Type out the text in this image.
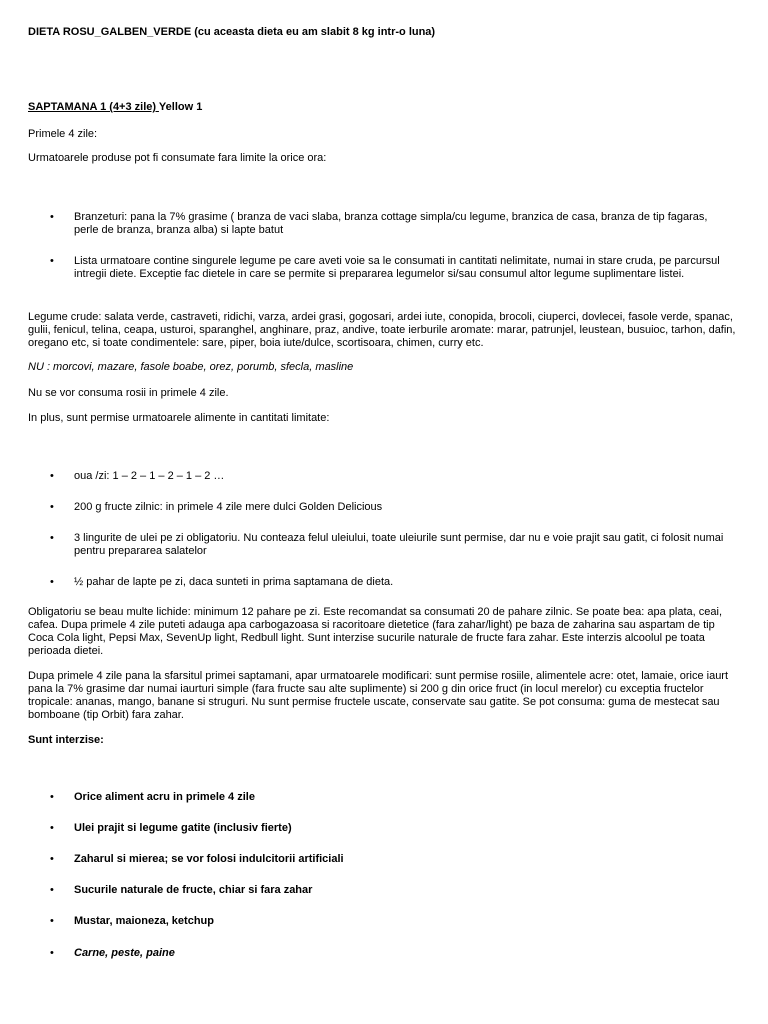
DIETA ROSU_GALBEN_VERDE (cu aceasta dieta eu am slabit 8 kg intr-o luna)

SAPTAMANA 1 (4+3 zile) Yellow 1

Primele 4 zile:

Urmatoarele produse pot fi consumate fara limite la orice ora:

•	Branzeturi: pana la 7% grasime ( branza de vaci slaba, branza cottage simpla/cu legume, branzica de casa, branza de tip fagaras, perle de branza, branza alba) si lapte batut

•	Lista urmatoare contine singurele legume pe care aveti voie sa le consumati in cantitati nelimitate, numai in stare cruda, pe parcursul intregii diete. Exceptie fac dietele in care se permite si prepararea legumelor si/sau consumul altor legume suplimentare listei.

Legume crude: salata verde, castraveti, ridichi, varza, ardei grasi, gogosari, ardei iute, conopida, brocoli, ciuperci, dovlecei, fasole verde, spanac, gulii, fenicul, telina, ceapa, usturoi, sparanghel, anghinare, praz, andive, toate ierburile aromate: marar, patrunjel, leustean, busuioc, tarhon, dafin, oregano etc, si toate condimentele: sare, piper, boia iute/dulce, scortisoara, chimen, curry etc.

NU : morcovi, mazare, fasole boabe, orez, porumb, sfecla, masline

Nu se vor consuma rosii in primele 4 zile.

In plus, sunt permise urmatoarele alimente in cantitati limitate:

•	oua /zi: 1 – 2 – 1 – 2 – 1 – 2 …

•	200 g fructe zilnic: in primele 4 zile mere dulci Golden Delicious

•	3 lingurite de ulei pe zi obligatoriu. Nu conteaza felul uleiului, toate uleiurile sunt permise, dar nu e voie prajit sau gatit, ci folosit numai pentru prepararea salatelor

•	½ pahar de lapte pe zi, daca sunteti in prima saptamana de dieta.

Obligatoriu se beau multe lichide: minimum 12 pahare pe zi. Este recomandat sa consumati 20 de pahare zilnic. Se poate bea: apa plata, ceai, cafea. Dupa primele 4 zile puteti adauga apa carbogazoasa si racoritoare dietetice (fara zahar/light) pe baza de zaharina sau aspartam de tip Coca Cola light, Pepsi Max, SevenUp light, Redbull light. Sunt interzise sucurile naturale de fructe fara zahar. Este interzis alcoolul pe toata perioada dietei.

Dupa primele 4 zile pana la sfarsitul primei saptamani, apar urmatoarele modificari: sunt permise rosiile, alimentele acre: otet, lamaie, orice iaurt pana la 7% grasime dar numai iaurturi simple (fara fructe sau alte suplimente) si 200 g din orice fruct (in locul merelor) cu exceptia fructelor tropicale: ananas, mango, banane si struguri. Nu sunt permise fructele uscate, conservate sau gatite. Se pot consuma: guma de mestecat sau bomboane (tip Orbit) fara zahar.

Sunt interzise:

•	Orice aliment acru in primele 4 zile

•	Ulei prajit si legume gatite (inclusiv fierte)

•	Zaharul si mierea; se vor folosi indulcitorii artificiali

•	Sucurile naturale de fructe, chiar si fara zahar

•	Mustar, maioneza, ketchup

•	Carne, peste, paine
